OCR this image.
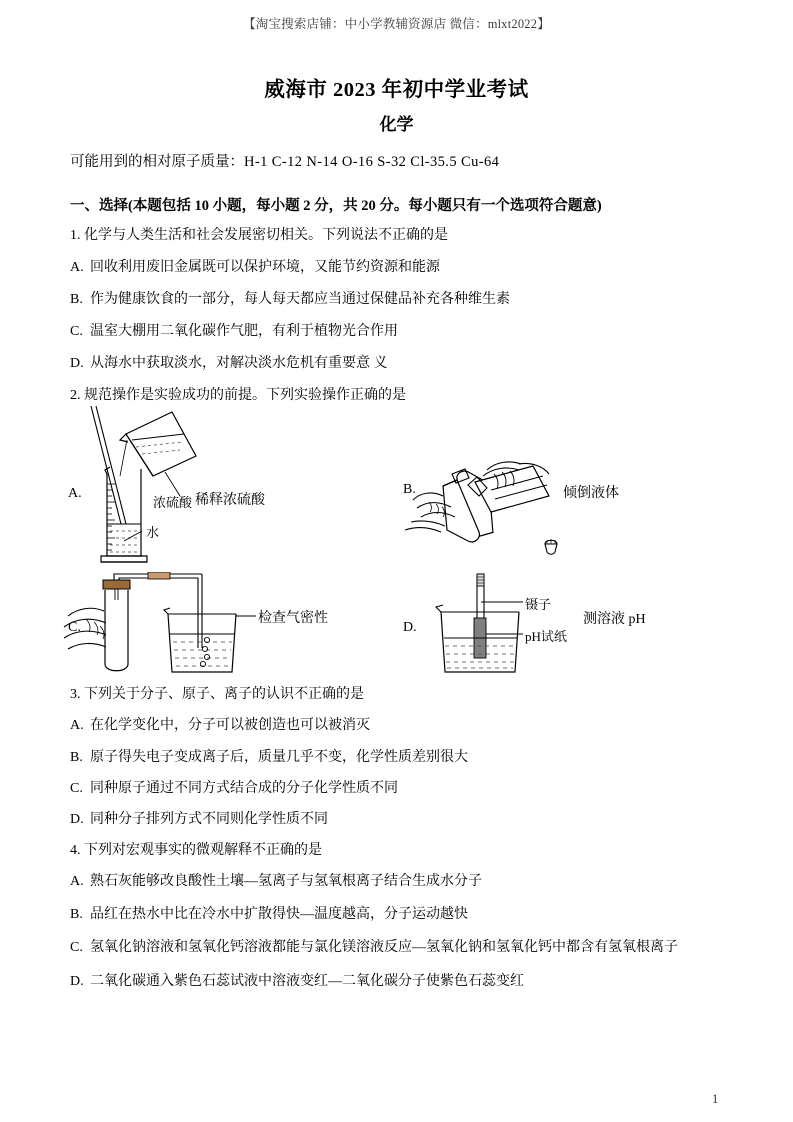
【淘宝搜索店铺：中小学教辅资源店 微信：mlxt2022】
威海市 2023 年初中学业考试
化学
可能用到的相对原子质量：H-1 C-12 N-14 O-16 S-32 Cl-35.5 Cu-64
一、选择(本题包括 10 小题，每小题 2 分，共 20 分。每小题只有一个选项符合题意)
1. 化学与人类生活和社会发展密切相关。下列说法不正确的是
A. 回收利用废旧金属既可以保护环境，又能节约资源和能源
B. 作为健康饮食的一部分，每人每天都应当通过保健品补充各种维生素
C. 温室大棚用二氧化碳作气肥，有利于植物光合作用
D. 从海水中获取淡水，对解决淡水危机有重要意 义
2. 规范操作是实验成功的前提。下列实验操作正确的是
A.
浓硫酸 稀释浓硫酸
水
B.	倾倒液体
C.
检查气密性
D.
镊子
pH试纸
测溶液 pH
3. 下列关于分子、原子、离子的认识不正确的是
A. 在化学变化中，分子可以被创造也可以被消灭
B. 原子得失电子变成离子后，质量几乎不变，化学性质差别很大
C. 同种原子通过不同方式结合成的分子化学性质不同
D. 同种分子排列方式不同则化学性质不同
4. 下列对宏观事实的微观解释不正确的是
A. 熟石灰能够改良酸性土壤—氢离子与氢氧根离子结合生成水分子
B. 品红在热水中比在冷水中扩散得快—温度越高，分子运动越快
C. 氢氧化钠溶液和氢氧化钙溶液都能与氯化镁溶液反应—氢氧化钠和氢氧化钙中都含有氢氧根离子
D. 二氧化碳通入紫色石蕊试液中溶液变红—二氧化碳分子使紫色石蕊变红
1
